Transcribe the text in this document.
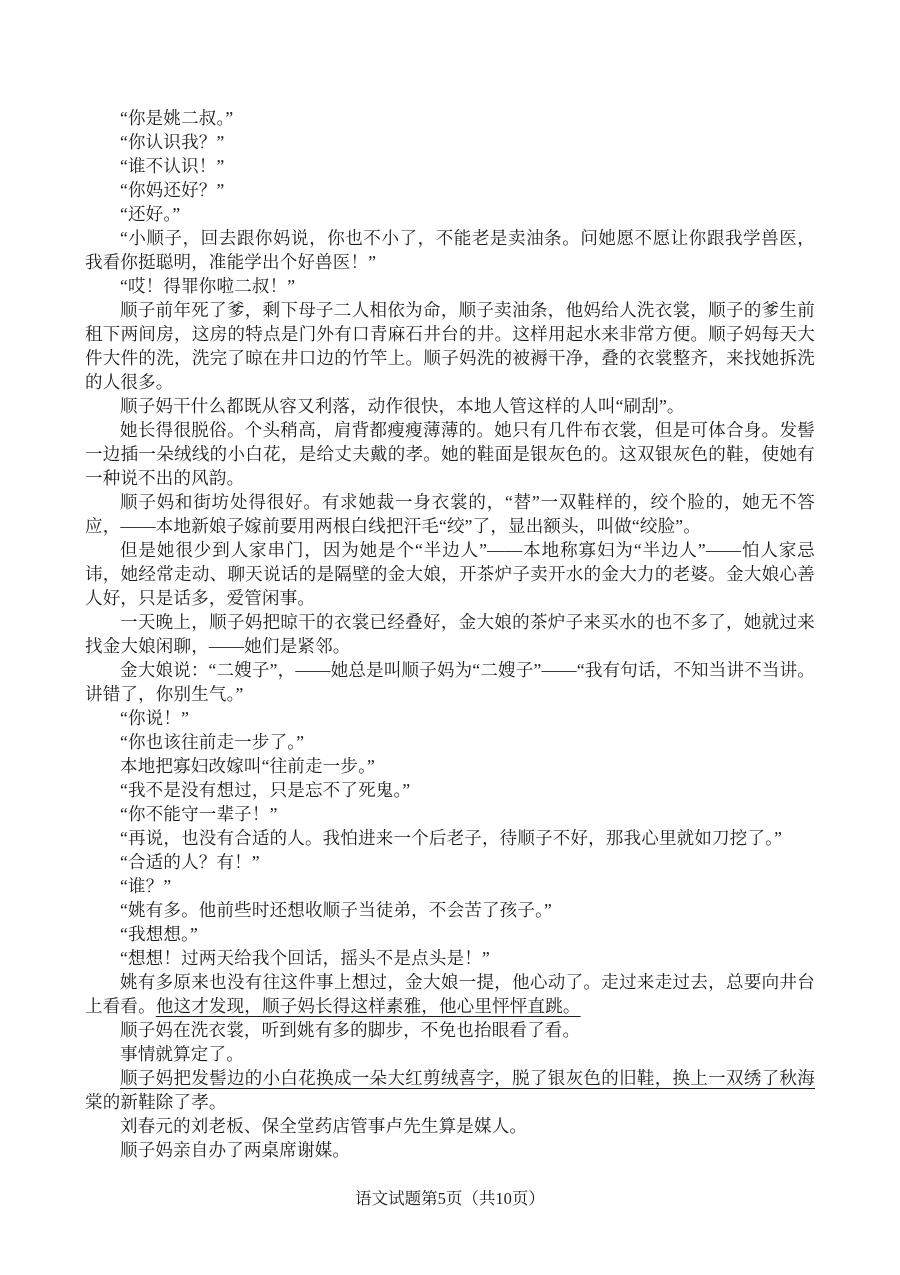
“你是姚二叔。”

“你认识我？”

“谁不认识！”

“你妈还好？”

“还好。”

“小顺子，回去跟你妈说，你也不小了，不能老是卖油条。问她愿不愿让你跟我学兽医，我看你挺聪明，准能学出个好兽医！”

“哎！得罪你啦二叔！”

顺子前年死了爹，剩下母子二人相依为命，顺子卖油条，他妈给人洗衣裳，顺子的爹生前租下两间房，这房的特点是门外有口青麻石井台的井。这样用起水来非常方便。顺子妈每天大件大件的洗，洗完了晾在井口边的竹竿上。顺子妈洗的被褥干净，叠的衣裳整齐，来找她拆洗的人很多。

顺子妈干什么都既从容又利落，动作很快，本地人管这样的人叫“刷刮”。

她长得很脱俗。个头稍高，肩背都瘦瘦薄薄的。她只有几件布衣裳，但是可体合身。发髻一边插一朵绒线的小白花，是给丈夫戴的孝。她的鞋面是银灰色的。这双银灰色的鞋，使她有一种说不出的风韵。

顺子妈和街坊处得很好。有求她裁一身衣裳的，“替”一双鞋样的，绞个脸的，她无不答应，——本地新娘子嫁前要用两根白线把汗毛“绞”了，显出额头，叫做“绞脸”。

但是她很少到人家串门，因为她是个“半边人”——本地称寡妇为“半边人”——怕人家忌讳，她经常走动、聊天说话的是隔壁的金大娘，开茶炉子卖开水的金大力的老婆。金大娘心善人好，只是话多，爱管闲事。

一天晚上，顺子妈把晾干的衣裳已经叠好，金大娘的茶炉子来买水的也不多了，她就过来找金大娘闲聊，——她们是紧邻。

金大娘说：“二嫂子”，——她总是叫顺子妈为“二嫂子”——“我有句话，不知当讲不当讲。讲错了，你别生气。”

“你说！”

“你也该往前走一步了。”

本地把寡妇改嫁叫“往前走一步。”

“我不是没有想过，只是忘不了死鬼。”

“你不能守一辈子！”

“再说，也没有合适的人。我怕进来一个后老子，待顺子不好，那我心里就如刀挖了。”

“合适的人？有！”

“谁？”

“姚有多。他前些时还想收顺子当徒弟，不会苦了孩子。”

“我想想。”

“想想！过两天给我个回话，摇头不是点头是！”

姚有多原来也没有往这件事上想过，金大娘一提，他心动了。走过来走过去，总要向井台上看看。他这才发现，顺子妈长得这样素雅，他心里怦怦直跳。

顺子妈在洗衣裳，听到姚有多的脚步，不免也抬眼看了看。

事情就算定了。

顺子妈把发髻边的小白花换成一朵大红剪绒喜字，脱了银灰色的旧鞋，换上一双绣了秋海棠的新鞋除了孝。

刘春元的刘老板、保全堂药店管事卢先生算是媒人。

顺子妈亲自办了两桌席谢媒。

语文试题第5页（共10页）
